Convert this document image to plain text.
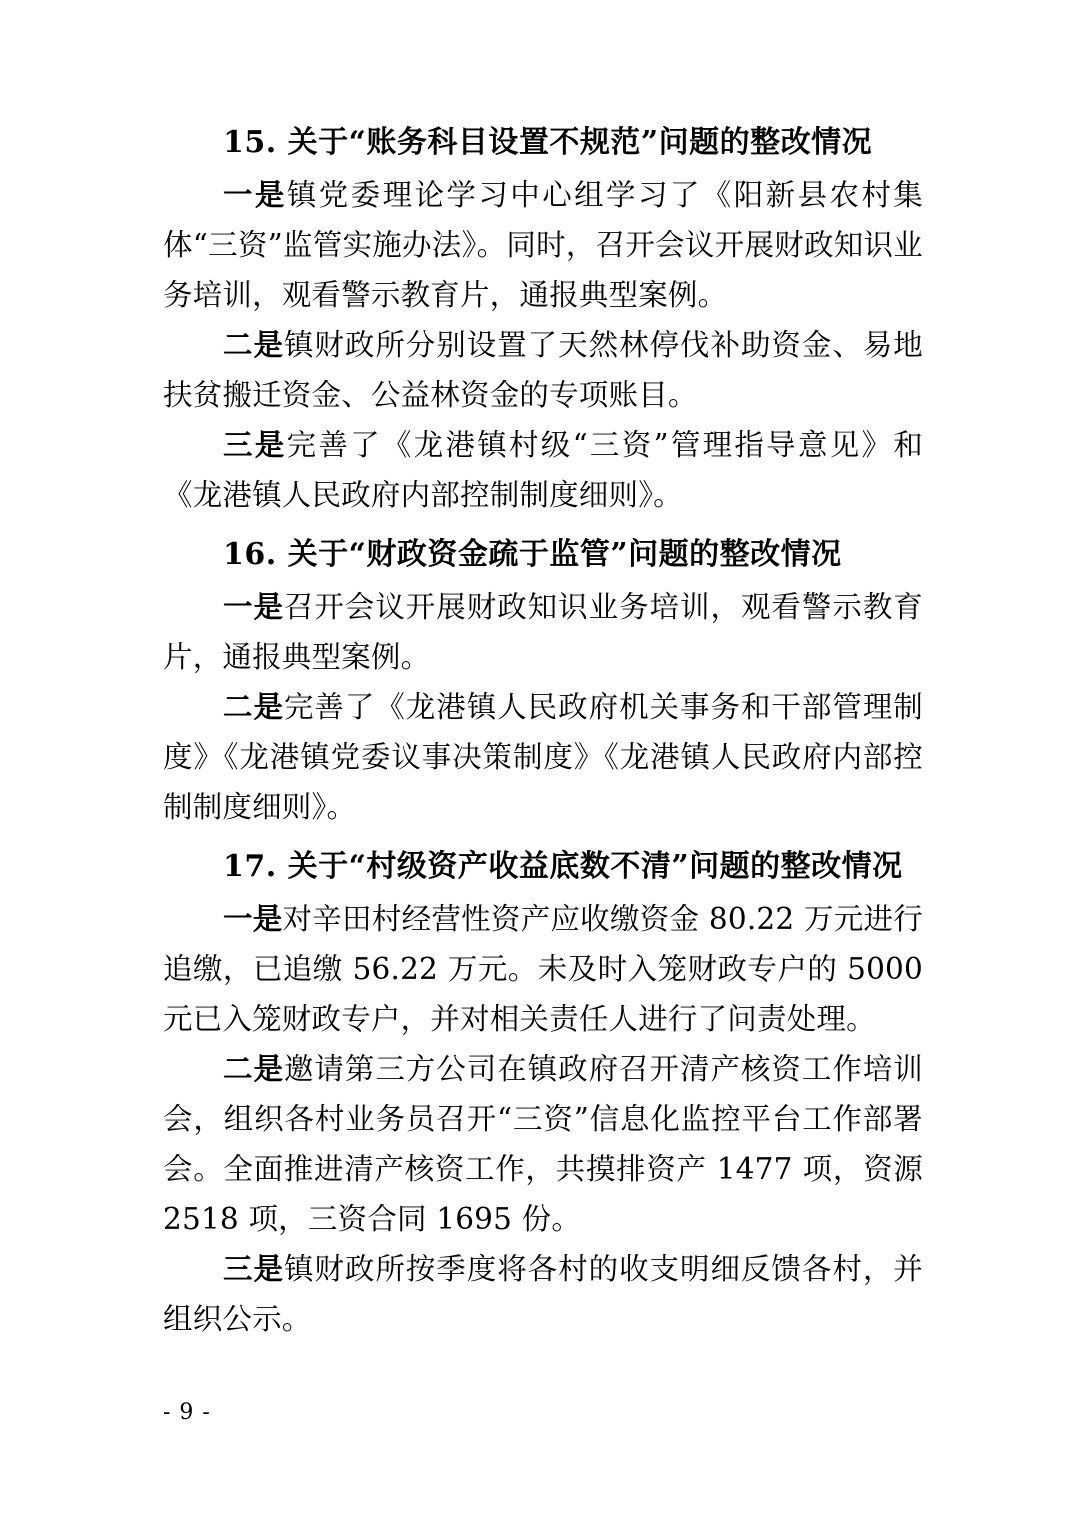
15. 关于“账务科目设置不规范”问题的整改情况

一是镇党委理论学习中心组学习了《阳新县农村集体“三资”监管实施办法》。同时，召开会议开展财政知识业务培训，观看警示教育片，通报典型案例。

二是镇财政所分别设置了天然林停伐补助资金、易地扶贫搬迁资金、公益林资金的专项账目。

三是完善了《龙港镇村级“三资”管理指导意见》和《龙港镇人民政府内部控制制度细则》。

16. 关于“财政资金疏于监管”问题的整改情况

一是召开会议开展财政知识业务培训，观看警示教育片，通报典型案例。

二是完善了《龙港镇人民政府机关事务和干部管理制度》《龙港镇党委议事决策制度》《龙港镇人民政府内部控制制度细则》。

17. 关于“村级资产收益底数不清”问题的整改情况

一是对辛田村经营性资产应收缴资金 80.22 万元进行追缴，已追缴 56.22 万元。未及时入笼财政专户的 5000 元已入笼财政专户，并对相关责任人进行了问责处理。

二是邀请第三方公司在镇政府召开清产核资工作培训会，组织各村业务员召开“三资”信息化监控平台工作部署会。全面推进清产核资工作，共摸排资产 1477 项，资源 2518 项，三资合同 1695 份。

三是镇财政所按季度将各村的收支明细反馈各村，并组织公示。

- 9 -
